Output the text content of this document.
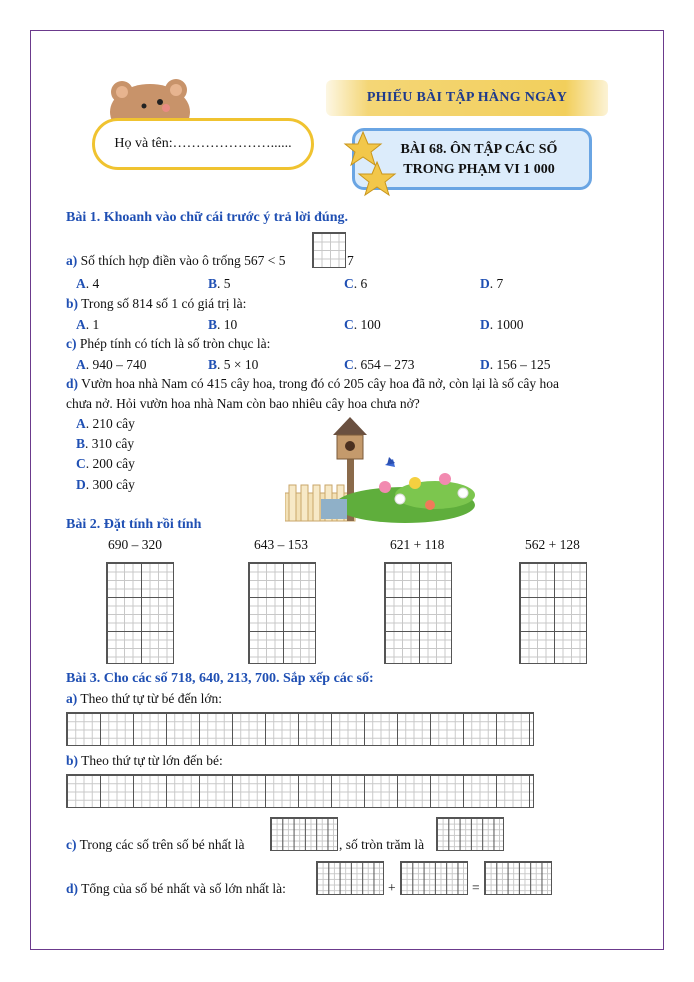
Họ và tên:…………………......
PHIẾU BÀI TẬP HÀNG NGÀY
BÀI 68. ÔN TẬP CÁC SỐ
TRONG PHẠM VI 1 000
Bài 1. Khoanh vào chữ cái trước ý trả lời đúng.
a) Số thích hợp điền vào ô trống 567 < 5	7
A. 4	B. 5	C. 6	D. 7
b) Trong số 814 số 1 có giá trị là:
A. 1	B. 10	C. 100	D. 1000
c) Phép tính có tích là số tròn chục là:
A. 940 – 740	B. 5 × 10	C. 654 – 273	D. 156 – 125
d) Vườn hoa nhà Nam có 415 cây hoa, trong đó có 205 cây hoa đã nở, còn lại là số cây hoa
chưa nở. Hỏi vườn hoa nhà Nam còn bao nhiêu cây hoa chưa nở?
A. 210 cây
B. 310 cây
C. 200 cây
D. 300 cây
Bài 2. Đặt tính rồi tính
690 – 320	643 – 153	621 + 118	562 + 128
Bài 3. Cho các số 718, 640, 213, 700. Sắp xếp các số:
a) Theo thứ tự từ bé đến lớn:
b) Theo thứ tự từ lớn đến bé:
c) Trong các số trên số bé nhất là	, số tròn trăm là
d) Tổng của số bé nhất và số lớn nhất là:	+	=
